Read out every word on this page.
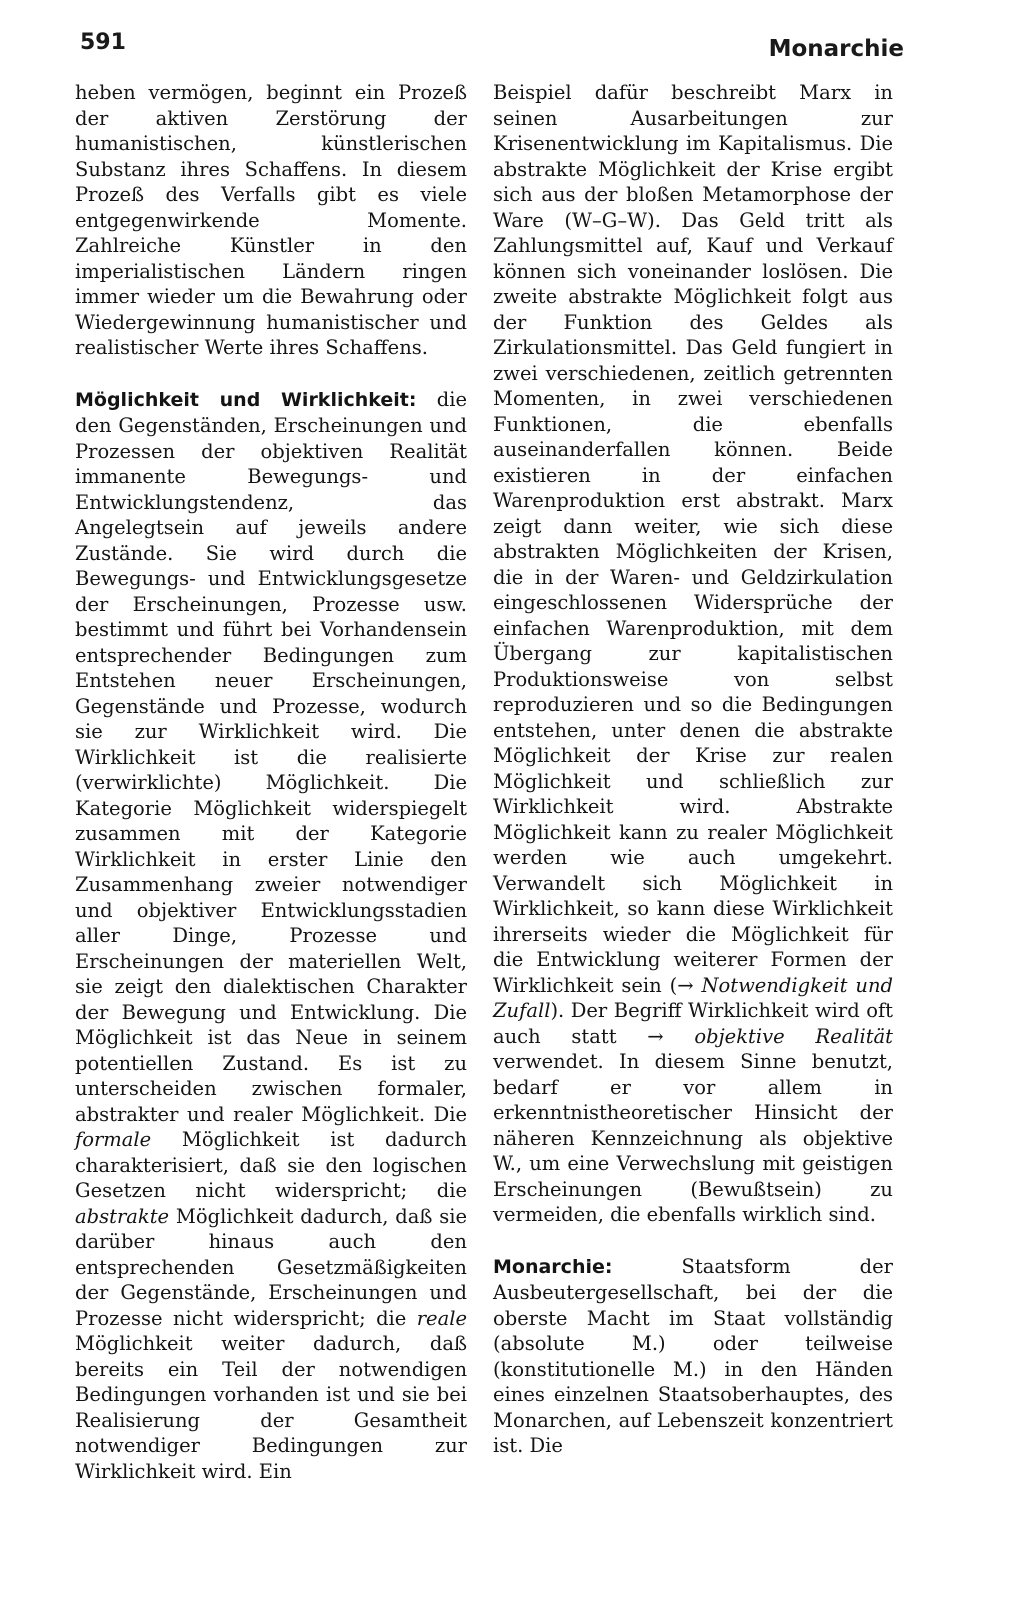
591	Monarchie

heben vermögen, beginnt ein Prozeß der aktiven Zerstörung der humanistischen, künstlerischen Substanz ihres Schaffens. In diesem Prozeß des Verfalls gibt es viele entgegenwirkende Momente. Zahlreiche Künstler in den imperialistischen Ländern ringen immer wieder um die Bewahrung oder Wiedergewinnung humanistischer und realistischer Werte ihres Schaffens.

Möglichkeit und Wirklichkeit: die den Gegenständen, Erscheinungen und Prozessen der objektiven Realität immanente Bewegungs- und Entwicklungstendenz, das Angelegtsein auf jeweils andere Zustände. Sie wird durch die Bewegungs- und Entwicklungsgesetze der Erscheinungen, Prozesse usw. bestimmt und führt bei Vorhandensein entsprechender Bedingungen zum Entstehen neuer Erscheinungen, Gegenstände und Prozesse, wodurch sie zur Wirklichkeit wird. Die Wirklichkeit ist die realisierte (verwirklichte) Möglichkeit. Die Kategorie Möglichkeit widerspiegelt zusammen mit der Kategorie Wirklichkeit in erster Linie den Zusammenhang zweier notwendiger und objektiver Entwicklungsstadien aller Dinge, Prozesse und Erscheinungen der materiellen Welt, sie zeigt den dialektischen Charakter der Bewegung und Entwicklung. Die Möglichkeit ist das Neue in seinem potentiellen Zustand. Es ist zu unterscheiden zwischen formaler, abstrakter und realer Möglichkeit. Die formale Möglichkeit ist dadurch charakterisiert, daß sie den logischen Gesetzen nicht widerspricht; die abstrakte Möglichkeit dadurch, daß sie darüber hinaus auch den entsprechenden Gesetzmäßigkeiten der Gegenstände, Erscheinungen und Prozesse nicht widerspricht; die reale Möglichkeit weiter dadurch, daß bereits ein Teil der notwendigen Bedingungen vorhanden ist und sie bei Realisierung der Gesamtheit notwendiger Bedingungen zur Wirklichkeit wird. Ein

Beispiel dafür beschreibt Marx in seinen Ausarbeitungen zur Krisenentwicklung im Kapitalismus. Die abstrakte Möglichkeit der Krise ergibt sich aus der bloßen Metamorphose der Ware (W–G–W). Das Geld tritt als Zahlungsmittel auf, Kauf und Verkauf können sich voneinander loslösen. Die zweite abstrakte Möglichkeit folgt aus der Funktion des Geldes als Zirkulationsmittel. Das Geld fungiert in zwei verschiedenen, zeitlich getrennten Momenten, in zwei verschiedenen Funktionen, die ebenfalls auseinanderfallen können. Beide existieren in der einfachen Warenproduktion erst abstrakt. Marx zeigt dann weiter, wie sich diese abstrakten Möglichkeiten der Krisen, die in der Waren- und Geldzirkulation eingeschlossenen Widersprüche der einfachen Warenproduktion, mit dem Übergang zur kapitalistischen Produktionsweise von selbst reproduzieren und so die Bedingungen entstehen, unter denen die abstrakte Möglichkeit der Krise zur realen Möglichkeit und schließlich zur Wirklichkeit wird. Abstrakte Möglichkeit kann zu realer Möglichkeit werden wie auch umgekehrt. Verwandelt sich Möglichkeit in Wirklichkeit, so kann diese Wirklichkeit ihrerseits wieder die Möglichkeit für die Entwicklung weiterer Formen der Wirklichkeit sein (→ Notwendigkeit und Zufall). Der Begriff Wirklichkeit wird oft auch statt → objektive Realität verwendet. In diesem Sinne benutzt, bedarf er vor allem in erkenntnistheoretischer Hinsicht der näheren Kennzeichnung als objektive W., um eine Verwechslung mit geistigen Erscheinungen (Bewußtsein) zu vermeiden, die ebenfalls wirklich sind.

Monarchie: Staatsform der Ausbeutergesellschaft, bei der die oberste Macht im Staat vollständig (absolute M.) oder teilweise (konstitutionelle M.) in den Händen eines einzelnen Staatsoberhauptes, des Monarchen, auf Lebenszeit konzentriert ist. Die
